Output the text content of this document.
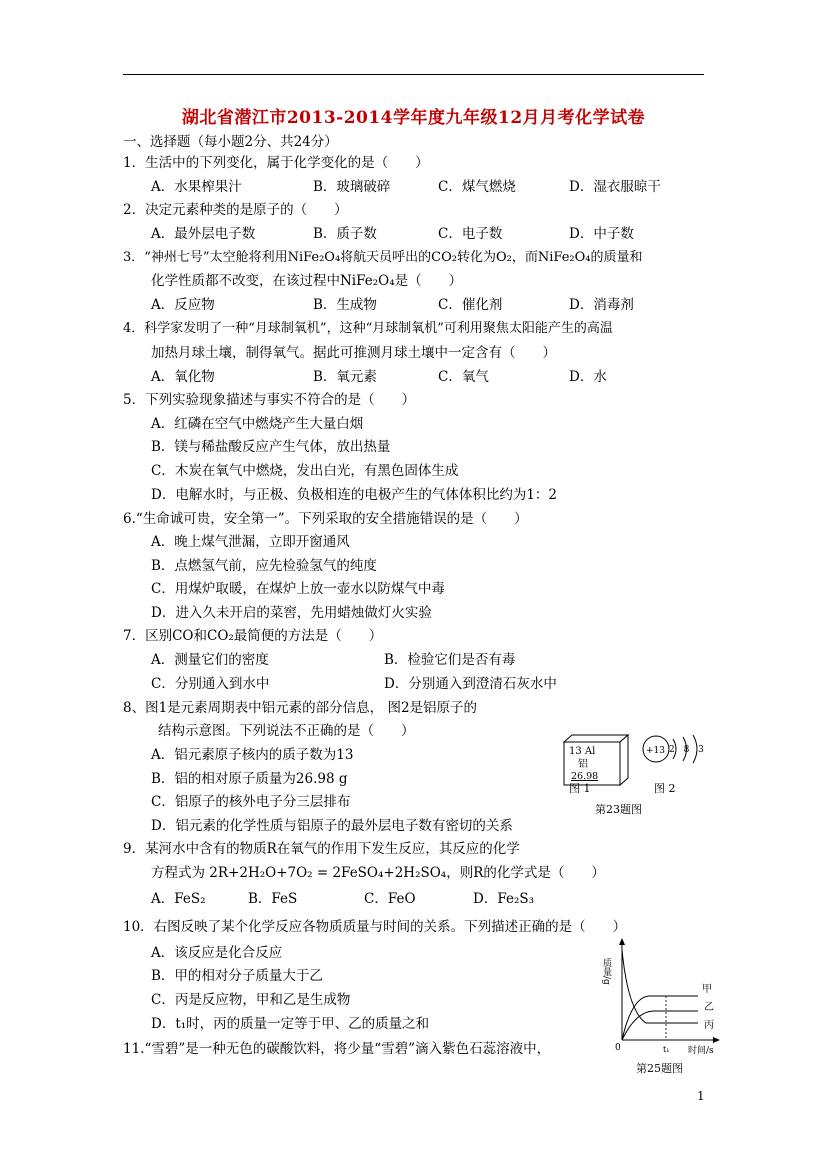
湖北省潜江市2013-2014学年度九年级12月月考化学试卷
一、选择题（每小题2分、共24分）
1．生活中的下列变化，属于化学变化的是（　　）
A．水果榨果汁	B．玻璃破碎	C．煤气燃烧	D．湿衣服晾干
2．决定元素种类的是原子的（　　）
A．最外层电子数	B．质子数	C．电子数	D．中子数
3．“神州七号”太空舱将利用NiFe₂O₄将航天员呼出的CO₂转化为O₂，而NiFe₂O₄的质量和
化学性质都不改变，在该过程中NiFe₂O₄是（　　）
A．反应物	B．生成物	C．催化剂	D．消毒剂
4．科学家发明了一种“月球制氧机”，这种“月球制氧机”可利用聚焦太阳能产生的高温
加热月球土壤，制得氧气。据此可推测月球土壤中一定含有（　　）
A．氧化物	B．氧元素	C．氧气	D．水
5．下列实验现象描述与事实不符合的是（　　）
A．红磷在空气中燃烧产生大量白烟
B．镁与稀盐酸反应产生气体，放出热量
C．木炭在氧气中燃烧，发出白光，有黑色固体生成
D．电解水时，与正极、负极相连的电极产生的气体体积比约为1：2
6.“生命诚可贵，安全第一”。下列采取的安全措施错误的是（　　）
A．晚上煤气泄漏，立即开窗通风
B．点燃氢气前，应先检验氢气的纯度
C．用煤炉取暖，在煤炉上放一壶水以防煤气中毒
D．进入久未开启的菜窖，先用蜡烛做灯火实验
7．区别CO和CO₂最简便的方法是（　　）
A．测量它们的密度	B．检验它们是否有毒
C．分别通入到水中	D．分别通入到澄清石灰水中
8、图1是元素周期表中铝元素的部分信息， 图2是铝原子的
结构示意图。下列说法不正确的是（　　）
A．铝元素原子核内的质子数为13
B．铝的相对原子质量为26.98 g
C．铝原子的核外电子分三层排布
D．铝元素的化学性质与铝原子的最外层电子数有密切的关系
13 Al
铝
26.98
+13 2 8 3
图 1	图 2
第23题图
9．某河水中含有的物质R在氧气的作用下发生反应，其反应的化学
方程式为 2R+2H₂O+7O₂ = 2FeSO₄+2H₂SO₄，则R的化学式是（　　）
A．FeS₂	B．FeS	C．FeO	D．Fe₂S₃
10．右图反映了某个化学反应各物质质量与时间的关系。下列描述正确的是（　　）
A．该反应是化合反应
B．甲的相对分子质量大于乙
C．丙是反应物，甲和乙是生成物
D．t₁时，丙的质量一定等于甲、乙的质量之和
质量/g
甲
乙
丙
0	t₁ 时间/s
第25题图
11.“雪碧”是一种无色的碳酸饮料，将少量“雪碧”滴入紫色石蕊溶液中，
1
